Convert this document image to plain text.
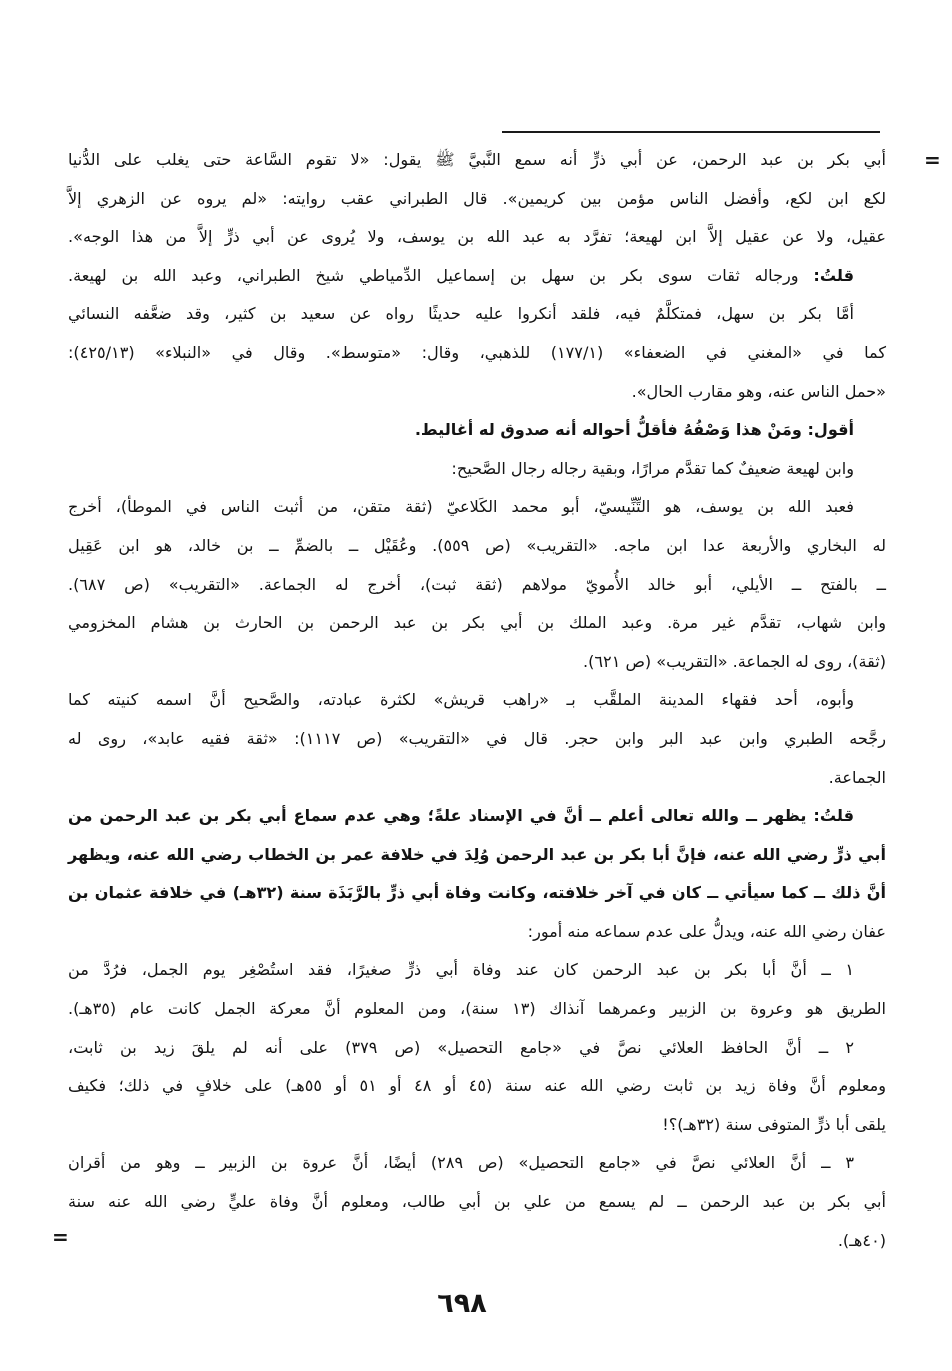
=
أبي بكر بن عبد الرحمن، عن أبي ذرٍّ أنه سمع النَّبيَّ ﷺ يقول: «لا تقوم السَّاعة حتى يغلب على الدُّنيا
لكع ابن لكع، وأفضل الناس مؤمن بين كريمين». قال الطبراني عقب روايته: «لم يروه عن الزهري إلاَّ
عقيل، ولا عن عقيل إلاَّ ابن لهيعة؛ تفرَّد به عبد الله بن يوسف، ولا يُروى عن أبي ذرٍّ إلاَّ من هذا الوجه».
قلتُ: ورجاله ثقات سوى بكر بن سهل بن إسماعيل الدِّمياطي شيخ الطبراني، وعبد الله بن لهيعة.
أمَّا بكر بن سهل، فمتكلَّمٌ فيه، فلقد أنكروا عليه حديثًا رواه عن سعيد بن كثير، وقد ضعَّفه النسائي
كما في «المغني في الضعفاء» (١٧٧/١) للذهبي، وقال: «متوسط». وقال في «النبلاء» (٤٢٥/١٣):
«حمل الناس عنه، وهو مقارب الحال».
أقول: ومَنْ هذا وَصْفُهُ فأقلُّ أحواله أنه صدوق له أغاليط.
وابن لهيعة ضعيفٌ كما تقدَّم مرارًا، وبقية رجاله رجال الصَّحيح:
فعبد الله بن يوسف، هو التِّنِّيسيّ، أبو محمد الكَلاعيّ (ثقة متقن، من أثبت الناس في الموطأ)، أخرج
له البخاري والأربعة عدا ابن ماجه. «التقريب» (ص ٥٥٩). وعُقَيْل ــ بالضمِّ ــ بن خالد، هو ابن عَقِيل
ــ بالفتح ــ الأيلي، أبو خالد الأُمويّ مولاهم (ثقة ثبت)، أخرج له الجماعة. «التقريب» (ص ٦٨٧).
وابن شهاب، تقدَّم غير مرة. وعبد الملك بن أبي بكر بن عبد الرحمن بن الحارث بن هشام المخزومي
(ثقة)، روى له الجماعة. «التقريب» (ص ٦٢١).
وأبوه، أحد فقهاء المدينة الملقَّب بـ «راهب قريش» لكثرة عبادته، والصَّحيح أنَّ اسمه كنيته كما
رجَّحه الطبري وابن عبد البر وابن حجر. قال في «التقريب» (ص ١١١٧): «ثقة فقيه عابد»، روى له
الجماعة.
قلتُ: يظهر ــ والله تعالى أعلم ــ أنَّ في الإسناد علةً؛ وهي عدم سماع أبي بكر بن عبد الرحمن من
أبي ذرٍّ رضي الله عنه، فإنَّ أبا بكر بن عبد الرحمن وُلِدَ في خلافة عمر بن الخطاب رضي الله عنه، ويظهر
أنَّ ذلك ــ كما سيأتي ــ كان في آخر خلافته، وكانت وفاة أبي ذرٍّ بالرَّبَذَة سنة (٣٢هـ) في خلافة عثمان بن
عفان رضي الله عنه، ويدلُّ على عدم سماعه منه أمور:
١ ــ أنَّ أبا بكر بن عبد الرحمن كان عند وفاة أبي ذرٍّ صغيرًا، فقد استُصْغِر يوم الجمل، فرُدَّ من
الطريق هو وعروة بن الزبير وعمرهما آنذاك (١٣ سنة)، ومن المعلوم أنَّ معركة الجمل كانت عام (٣٥هـ).
٢ ــ أنَّ الحافظ العلائي نصَّ في «جامع التحصيل» (ص ٣٧٩) على أنه لم يلقَ زيد بن ثابت،
ومعلوم أنَّ وفاة زيد بن ثابت رضي الله عنه سنة (٤٥ أو ٤٨ أو ٥١ أو ٥٥هـ) على خلافٍ في ذلك؛ فكيف
يلقى أبا ذرٍّ المتوفى سنة (٣٢هـ)؟!
٣ ــ أنَّ العلائي نصَّ في «جامع التحصيل» (ص ٢٨٩) أيضًا، أنَّ عروة بن الزبير ــ وهو من أقران
أبي بكر بن عبد الرحمن ــ لم يسمع من علي بن أبي طالب، ومعلوم أنَّ وفاة عليٍّ رضي الله عنه سنة
(٤٠هـ).
=
٦٩٨
